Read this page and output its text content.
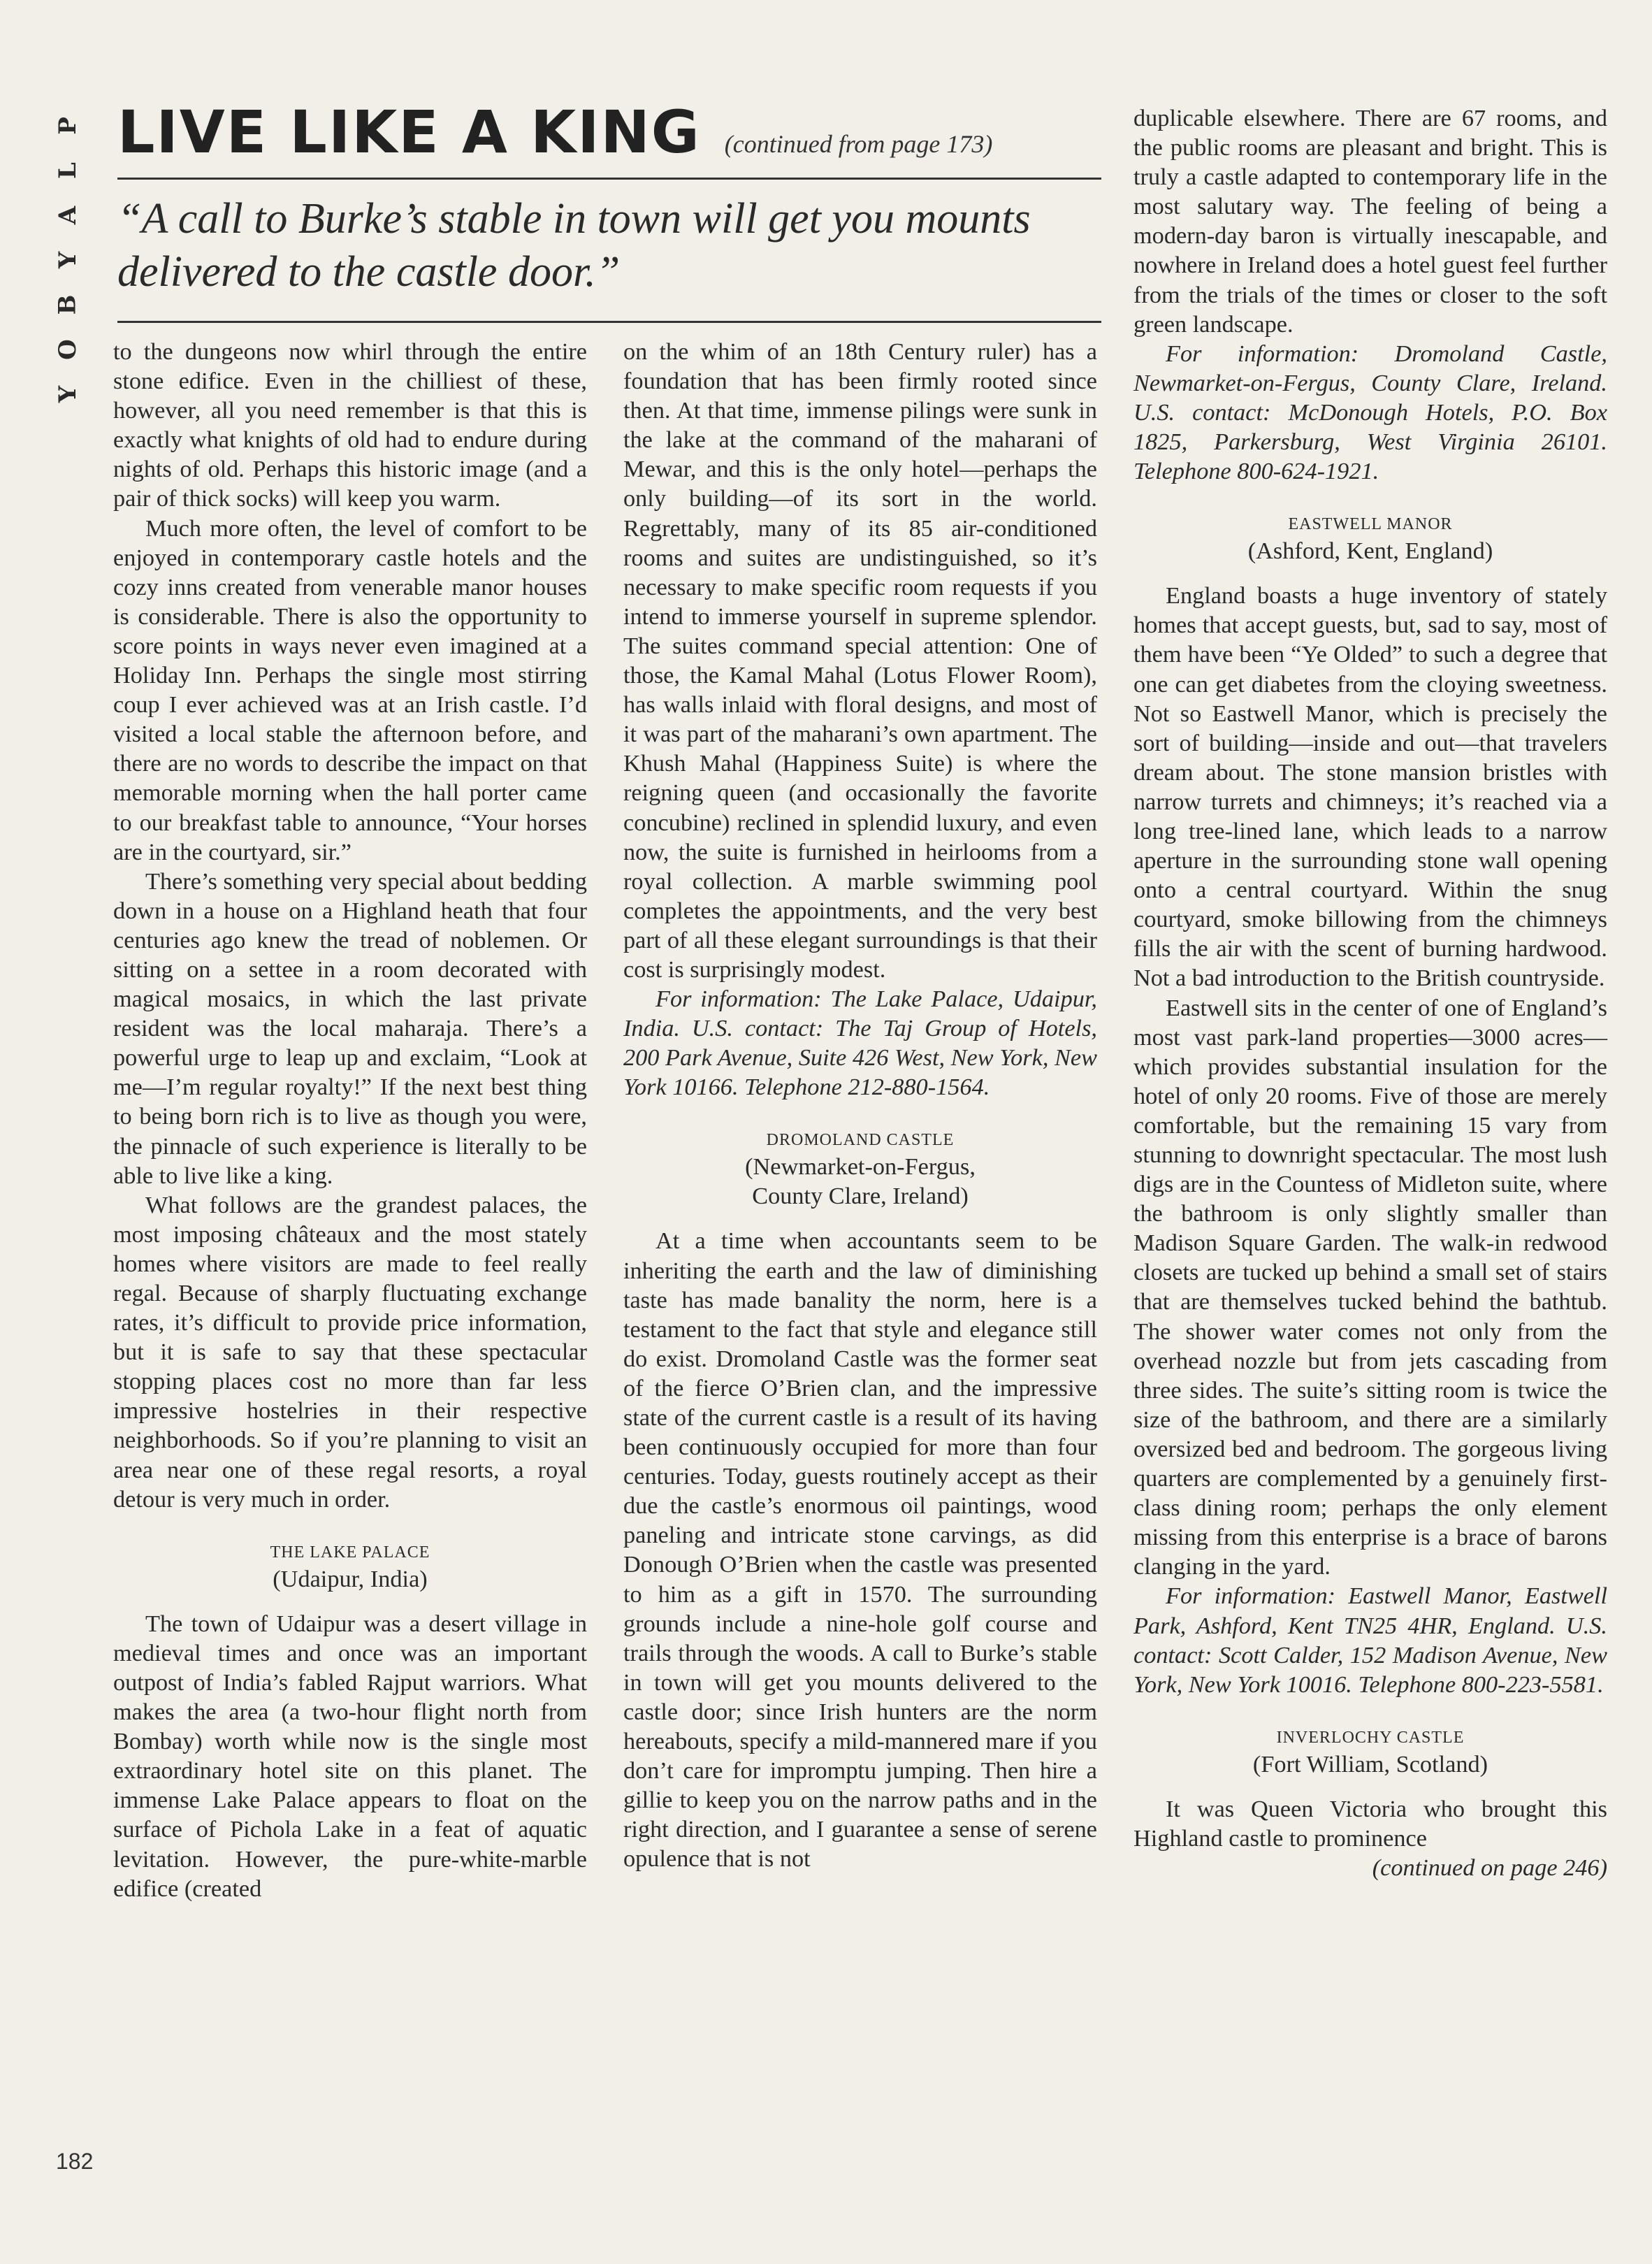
P
L
A
Y
B
O
Y
LIVE LIKE A KING (continued from page 173)
“A call to Burke’s stable in town will get you mounts
delivered to the castle door.”

to the dungeons now whirl through the entire stone edifice. Even in the chilliest of these, however, all you need remember is that this is exactly what knights of old had to endure during nights of old. Perhaps this historic image (and a pair of thick socks) will keep you warm.

Much more often, the level of comfort to be enjoyed in contemporary castle hotels and the cozy inns created from venerable manor houses is considerable. There is also the opportunity to score points in ways never even imagined at a Holiday Inn. Perhaps the single most stirring coup I ever achieved was at an Irish castle. I’d visited a local stable the afternoon before, and there are no words to describe the impact on that memorable morning when the hall porter came to our breakfast table to announce, “Your horses are in the courtyard, sir.”

There’s something very special about bedding down in a house on a Highland heath that four centuries ago knew the tread of noblemen. Or sitting on a settee in a room decorated with magical mosaics, in which the last private resident was the local maharaja. There’s a powerful urge to leap up and exclaim, “Look at me—I’m regular royalty!” If the next best thing to being born rich is to live as though you were, the pinnacle of such experience is literally to be able to live like a king.

What follows are the grandest palaces, the most imposing châteaux and the most stately homes where visitors are made to feel really regal. Because of sharply fluctuating exchange rates, it’s difficult to provide price information, but it is safe to say that these spectacular stopping places cost no more than far less impressive hostelries in their respective neighborhoods. So if you’re planning to visit an area near one of these regal resorts, a royal detour is very much in order.

THE LAKE PALACE
(Udaipur, India)

The town of Udaipur was a desert village in medieval times and once was an important outpost of India’s fabled Rajput warriors. What makes the area (a two-hour flight north from Bombay) worth while now is the single most extraordinary hotel site on this planet. The immense Lake Palace appears to float on the surface of Pichola Lake in a feat of aquatic levitation. However, the pure-white-marble edifice (created

on the whim of an 18th Century ruler) has a foundation that has been firmly rooted since then. At that time, immense pilings were sunk in the lake at the command of the maharani of Mewar, and this is the only hotel—perhaps the only building—of its sort in the world. Regrettably, many of its 85 air-conditioned rooms and suites are undistinguished, so it’s necessary to make specific room requests if you intend to immerse yourself in supreme splendor. The suites command special attention: One of those, the Kamal Mahal (Lotus Flower Room), has walls inlaid with floral designs, and most of it was part of the maharani’s own apartment. The Khush Mahal (Happiness Suite) is where the reigning queen (and occasionally the favorite concubine) reclined in splendid luxury, and even now, the suite is furnished in heirlooms from a royal collection. A marble swimming pool completes the appointments, and the very best part of all these elegant surroundings is that their cost is surprisingly modest.

For information: The Lake Palace, Udaipur, India. U.S. contact: The Taj Group of Hotels, 200 Park Avenue, Suite 426 West, New York, New York 10166. Telephone 212-880-1564.

DROMOLAND CASTLE
(Newmarket-on-Fergus,
County Clare, Ireland)

At a time when accountants seem to be inheriting the earth and the law of diminishing taste has made banality the norm, here is a testament to the fact that style and elegance still do exist. Dromoland Castle was the former seat of the fierce O’Brien clan, and the impressive state of the current castle is a result of its having been continuously occupied for more than four centuries. Today, guests routinely accept as their due the castle’s enormous oil paintings, wood paneling and intricate stone carvings, as did Donough O’Brien when the castle was presented to him as a gift in 1570. The surrounding grounds include a nine-hole golf course and trails through the woods. A call to Burke’s stable in town will get you mounts delivered to the castle door; since Irish hunters are the norm hereabouts, specify a mild-mannered mare if you don’t care for impromptu jumping. Then hire a gillie to keep you on the narrow paths and in the right direction, and I guarantee a sense of serene opulence that is not

duplicable elsewhere. There are 67 rooms, and the public rooms are pleasant and bright. This is truly a castle adapted to contemporary life in the most salutary way. The feeling of being a modern-day baron is virtually inescapable, and nowhere in Ireland does a hotel guest feel further from the trials of the times or closer to the soft green landscape.

For information: Dromoland Castle, Newmarket-on-Fergus, County Clare, Ireland. U.S. contact: McDonough Hotels, P.O. Box 1825, Parkersburg, West Virginia 26101. Telephone 800-624-1921.

EASTWELL MANOR
(Ashford, Kent, England)

England boasts a huge inventory of stately homes that accept guests, but, sad to say, most of them have been “Ye Olded” to such a degree that one can get diabetes from the cloying sweetness. Not so Eastwell Manor, which is precisely the sort of building—inside and out—that travelers dream about. The stone mansion bristles with narrow turrets and chimneys; it’s reached via a long tree-lined lane, which leads to a narrow aperture in the surrounding stone wall opening onto a central courtyard. Within the snug courtyard, smoke billowing from the chimneys fills the air with the scent of burning hardwood. Not a bad introduction to the British countryside.

Eastwell sits in the center of one of England’s most vast park-land properties—3000 acres—which provides substantial insulation for the hotel of only 20 rooms. Five of those are merely comfortable, but the remaining 15 vary from stunning to downright spectacular. The most lush digs are in the Countess of Midleton suite, where the bathroom is only slightly smaller than Madison Square Garden. The walk-in redwood closets are tucked up behind a small set of stairs that are themselves tucked behind the bathtub. The shower water comes not only from the overhead nozzle but from jets cascading from three sides. The suite’s sitting room is twice the size of the bathroom, and there are a similarly oversized bed and bedroom. The gorgeous living quarters are complemented by a genuinely first-class dining room; perhaps the only element missing from this enterprise is a brace of barons clanging in the yard.

For information: Eastwell Manor, Eastwell Park, Ashford, Kent TN25 4HR, England. U.S. contact: Scott Calder, 152 Madison Avenue, New York, New York 10016. Telephone 800-223-5581.

INVERLOCHY CASTLE
(Fort William, Scotland)

It was Queen Victoria who brought this Highland castle to prominence

(continued on page 246)

182
